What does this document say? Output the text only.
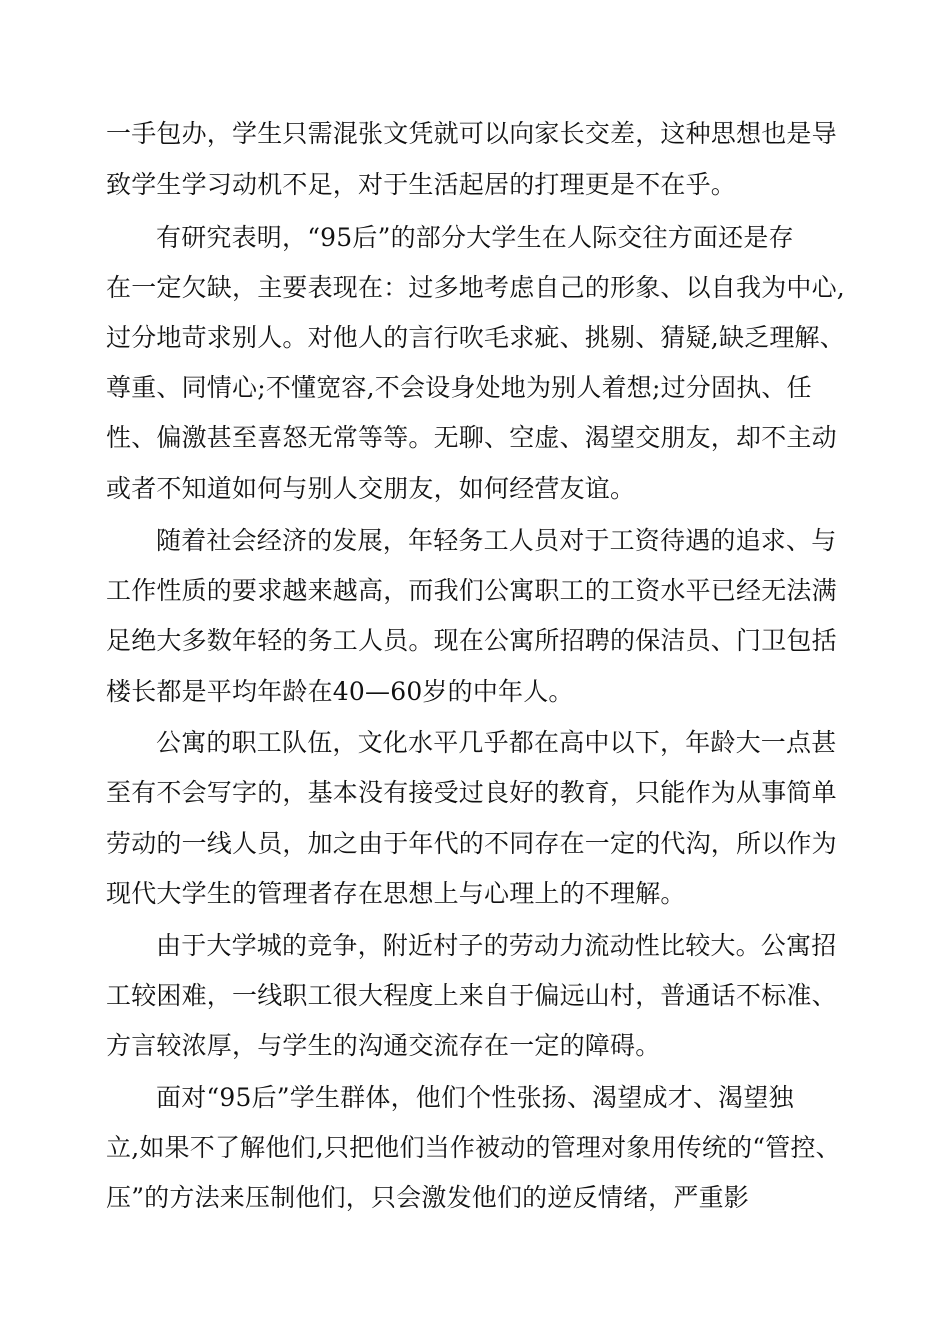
一手包办，学生只需混张文凭就可以向家长交差，这种思想也是导
致学生学习动机不足，对于生活起居的打理更是不在乎。
有研究表明，“95后”的部分大学生在人际交往方面还是存
在一定欠缺，主要表现在：过多地考虑自己的形象、以自我为中心,
过分地苛求别人。对他人的言行吹毛求疵、挑剔、猜疑,缺乏理解、
尊重、同情心;不懂宽容,不会设身处地为别人着想;过分固执、任
性、偏激甚至喜怒无常等等。无聊、空虚、渴望交朋友，却不主动
或者不知道如何与别人交朋友，如何经营友谊。
随着社会经济的发展，年轻务工人员对于工资待遇的追求、与
工作性质的要求越来越高，而我们公寓职工的工资水平已经无法满
足绝大多数年轻的务工人员。现在公寓所招聘的保洁员、门卫包括
楼长都是平均年龄在40—60岁的中年人。
公寓的职工队伍，文化水平几乎都在高中以下，年龄大一点甚
至有不会写字的，基本没有接受过良好的教育，只能作为从事简单
劳动的一线人员，加之由于年代的不同存在一定的代沟，所以作为
现代大学生的管理者存在思想上与心理上的不理解。
由于大学城的竞争，附近村子的劳动力流动性比较大。公寓招
工较困难，一线职工很大程度上来自于偏远山村，普通话不标准、
方言较浓厚，与学生的沟通交流存在一定的障碍。
面对“95后”学生群体，他们个性张扬、渴望成才、渴望独
立,如果不了解他们,只把他们当作被动的管理对象用传统的“管控、
压”的方法来压制他们，只会激发他们的逆反情绪，严重影
